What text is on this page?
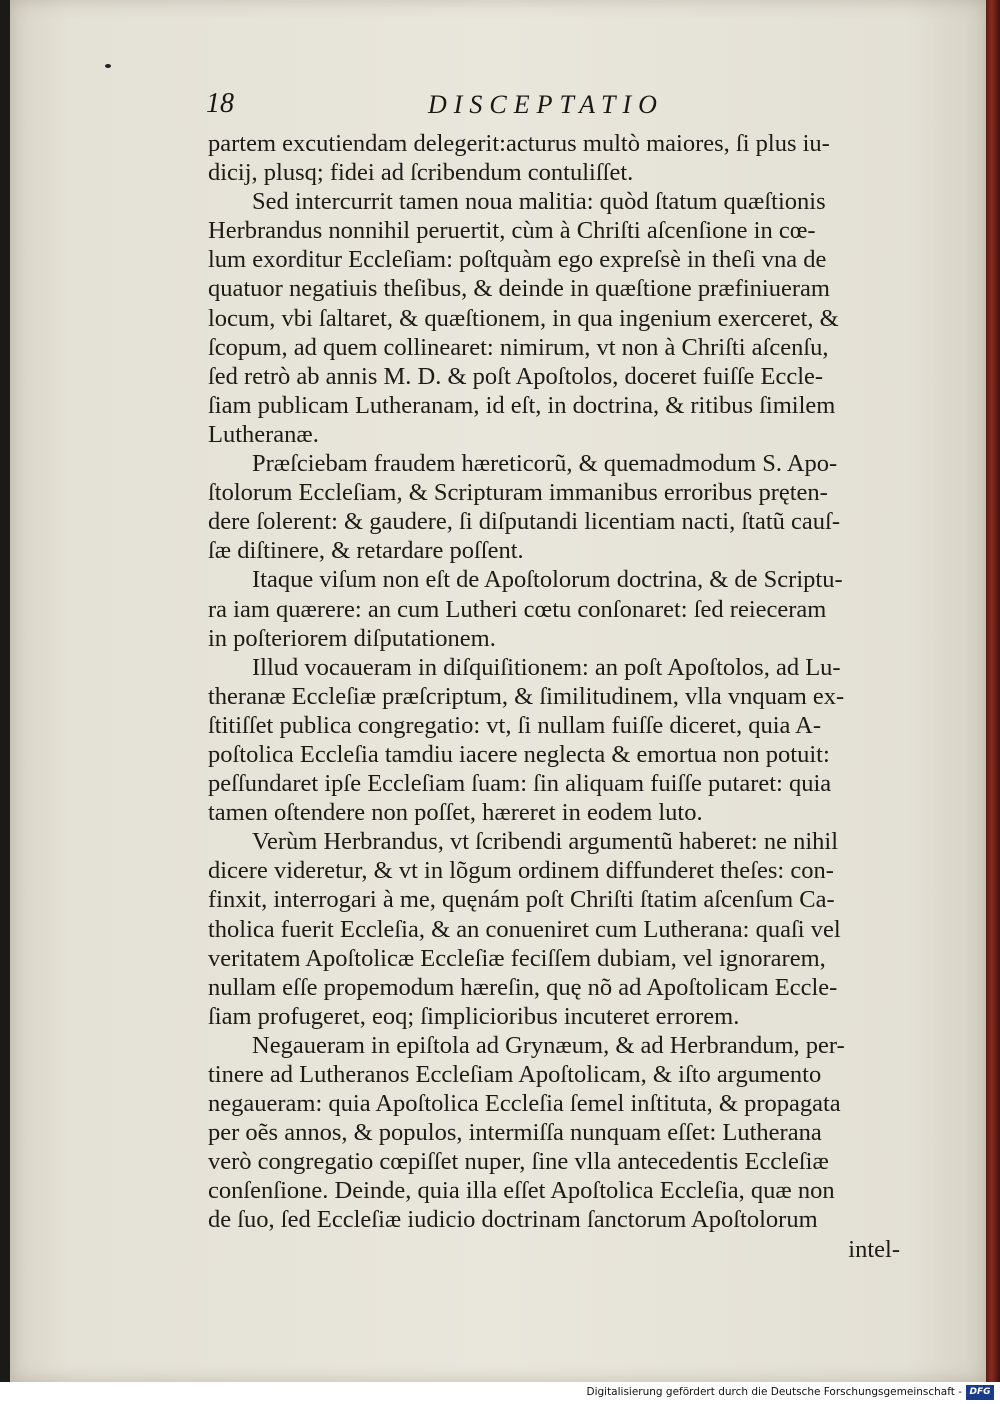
18	DISCEPTATIO
partem excutiendam delegerit:acturus multò maiores, ſi plus iu-
dicij, plusq; fidei ad ſcribendum contuliſſet.
Sed intercurrit tamen noua malitia: quòd ſtatum quæſtionis
Herbrandus nonnihil peruertit, cùm à Chriſti aſcenſione in cœ-
lum exorditur Eccleſiam: poſtquàm ego expreſsè in theſi vna de
quatuor negatiuis theſibus, & deinde in quæſtione præfiniueram
locum, vbi ſaltaret, & quæſtionem, in qua ingenium exerceret, &
ſcopum, ad quem collinearet: nimirum, vt non à Chriſti aſcenſu,
ſed retrò ab annis M. D. & poſt Apoſtolos, doceret fuiſſe Eccle-
ſiam publicam Lutheranam, id eſt, in doctrina, & ritibus ſimilem
Lutheranæ.
Præſciebam fraudem hæreticorũ, & quemadmodum S. Apo-
ſtolorum Eccleſiam, & Scripturam immanibus erroribus pręten-
dere ſolerent: & gaudere, ſi diſputandi licentiam nacti, ſtatũ cauſ-
ſæ diſtinere, & retardare poſſent.
Itaque viſum non eſt de Apoſtolorum doctrina, & de Scriptu-
ra iam quærere: an cum Lutheri cœtu conſonaret: ſed reieceram
in poſteriorem diſputationem.
Illud vocaueram in diſquiſitionem: an poſt Apoſtolos, ad Lu-
theranæ Eccleſiæ præſcriptum, & ſimilitudinem, vlla vnquam ex-
ſtitiſſet publica congregatio: vt, ſi nullam fuiſſe diceret, quia A-
poſtolica Eccleſia tamdiu iacere neglecta & emortua non potuit:
peſſundaret ipſe Eccleſiam ſuam: ſin aliquam fuiſſe putaret: quia
tamen oſtendere non poſſet, hæreret in eodem luto.
Verùm Herbrandus, vt ſcribendi argumentũ haberet: ne nihil
dicere videretur, & vt in lõgum ordinem diffunderet theſes: con-
finxit, interrogari à me, quęnám poſt Chriſti ſtatim aſcenſum Ca-
tholica fuerit Eccleſia, & an conueniret cum Lutherana: quaſi vel
veritatem Apoſtolicæ Eccleſiæ feciſſem dubiam, vel ignorarem,
nullam eſſe propemodum hæreſin, quę nõ ad Apoſtolicam Eccle-
ſiam profugeret, eoq; ſimplicioribus incuteret errorem.
Negaueram in epiſtola ad Grynæum, & ad Herbrandum, per-
tinere ad Lutheranos Eccleſiam Apoſtolicam, & iſto argumento
negaueram: quia Apoſtolica Eccleſia ſemel inſtituta, & propagata
per oẽs annos, & populos, intermiſſa nunquam eſſet: Lutherana
verò congregatio cœpiſſet nuper, ſine vlla antecedentis Eccleſiæ
conſenſione. Deinde, quia illa eſſet Apoſtolica Eccleſia, quæ non
de ſuo, ſed Eccleſiæ iudicio doctrinam ſanctorum Apoſtolorum
intel-
Digitalisierung gefördert durch die Deutsche Forschungsgemeinschaft - DFG
